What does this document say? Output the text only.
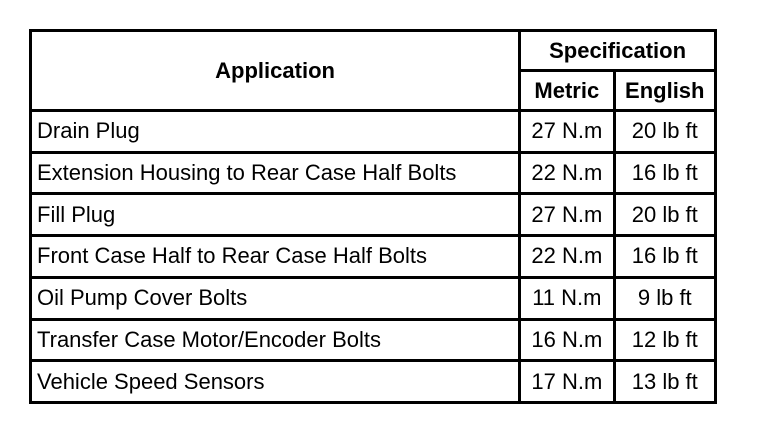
Application	Specification	
	Metric	English
Drain Plug	27 N.m	20 lb ft
Extension Housing to Rear Case Half Bolts	22 N.m	16 lb ft
Fill Plug	27 N.m	20 lb ft
Front Case Half to Rear Case Half Bolts	22 N.m	16 lb ft
Oil Pump Cover Bolts	11 N.m	9 lb ft
Transfer Case Motor/Encoder Bolts	16 N.m	12 lb ft
Vehicle Speed Sensors	17 N.m	13 lb ft
